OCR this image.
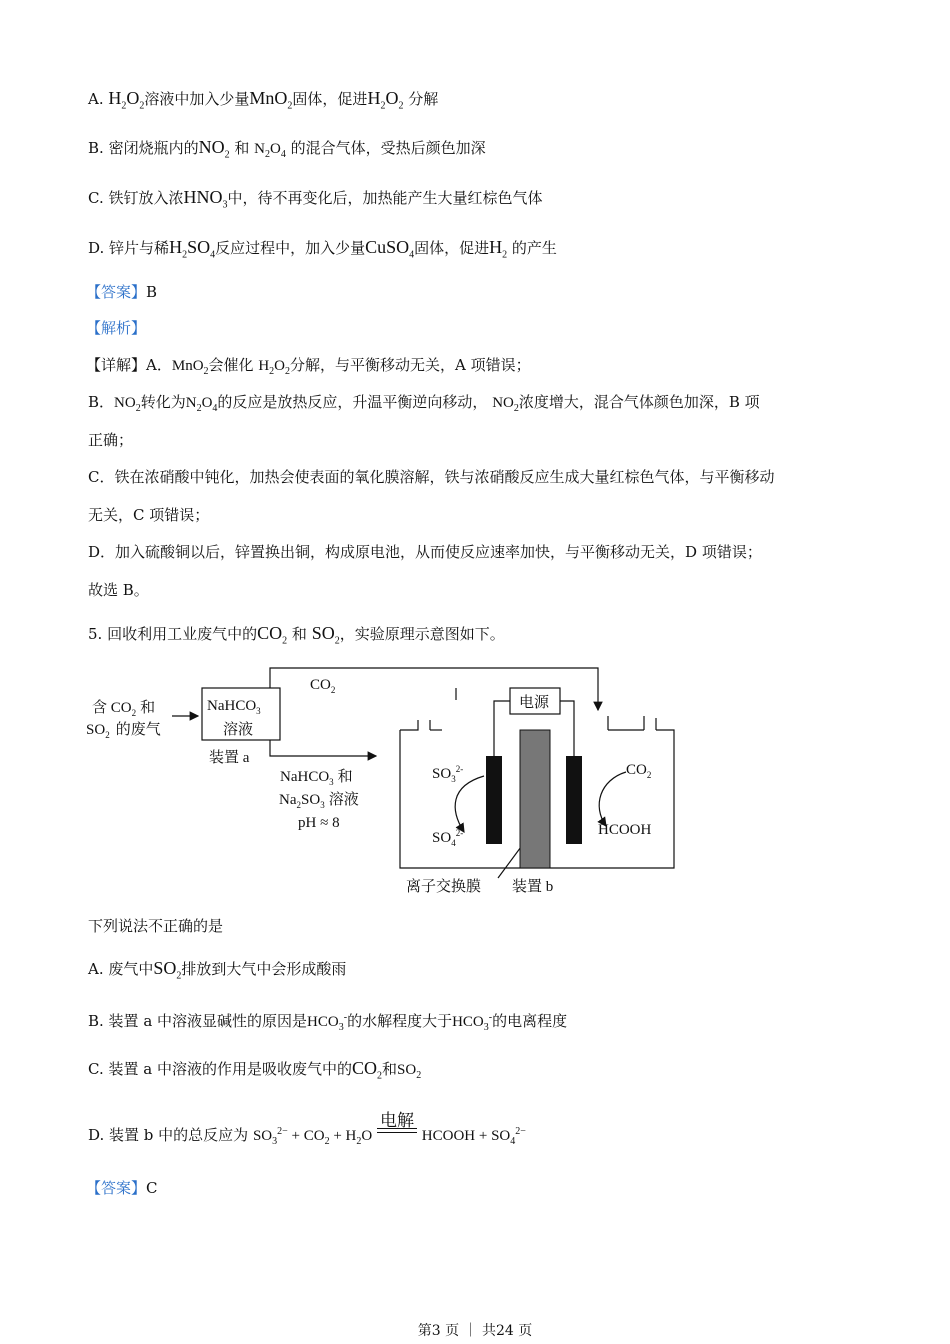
A. $H_2O_2$溶液中加入少量MnO$_2$固体，促进$H_2O_2$ 分解
B. 密闭烧瓶内的$NO_2$ 和 $N_2O_4$ 的混合气体，受热后颜色加深
C. 铁钉放入浓$HNO_3$中，待不再变化后，加热能产生大量红棕色气体
D. 锌片与稀$H_2SO_4$反应过程中，加入少量CuSO$_4$固体，促进$H_2$ 的产生
【答案】B
【解析】
【详解】A．MnO$_2$会催化 $H_2O_2$分解，与平衡移动无关，A 项错误；
B．$NO_2$转化为$N_2O_4$的反应是放热反应，升温平衡逆向移动， $NO_2$浓度增大，混合气体颜色加深，B 项
正确；
C．铁在浓硝酸中钝化，加热会使表面的氧化膜溶解，铁与浓硝酸反应生成大量红棕色气体，与平衡移动
无关，C 项错误；
D．加入硫酸铜以后，锌置换出铜，构成原电池，从而使反应速率加快，与平衡移动无关，D 项错误；
故选 B。
5. 回收利用工业废气中的$CO_2$ 和 $SO_2$，实验原理示意图如下。
含 $CO_2$ 和
$SO_2$ 的废气
NaHCO$_3$
溶液
装置 a
$CO_2$
电源
NaHCO$_3$ 和
$Na_2SO_3$ 溶液
pH ≈ 8
$SO_3^{2-}$
$SO_4^{2-}$
$CO_2$
HCOOH
离子交换膜 装置 b
下列说法不正确的是
A. 废气中$SO_2$排放到大气中会形成酸雨
B. 装置 a 中溶液显碱性的原因是$HCO_3^-$的水解程度大于$HCO_3^-$的电离程度
C. 装置 a 中溶液的作用是吸收废气中的$CO_2$和$SO_2$
D. 装置 b 中的总反应为 $SO_3^{2-} + CO_2 + H_2O$ 电解
HCOOH + $SO_4^{2-}$
【答案】C
第3 页 ｜ 共24 页
